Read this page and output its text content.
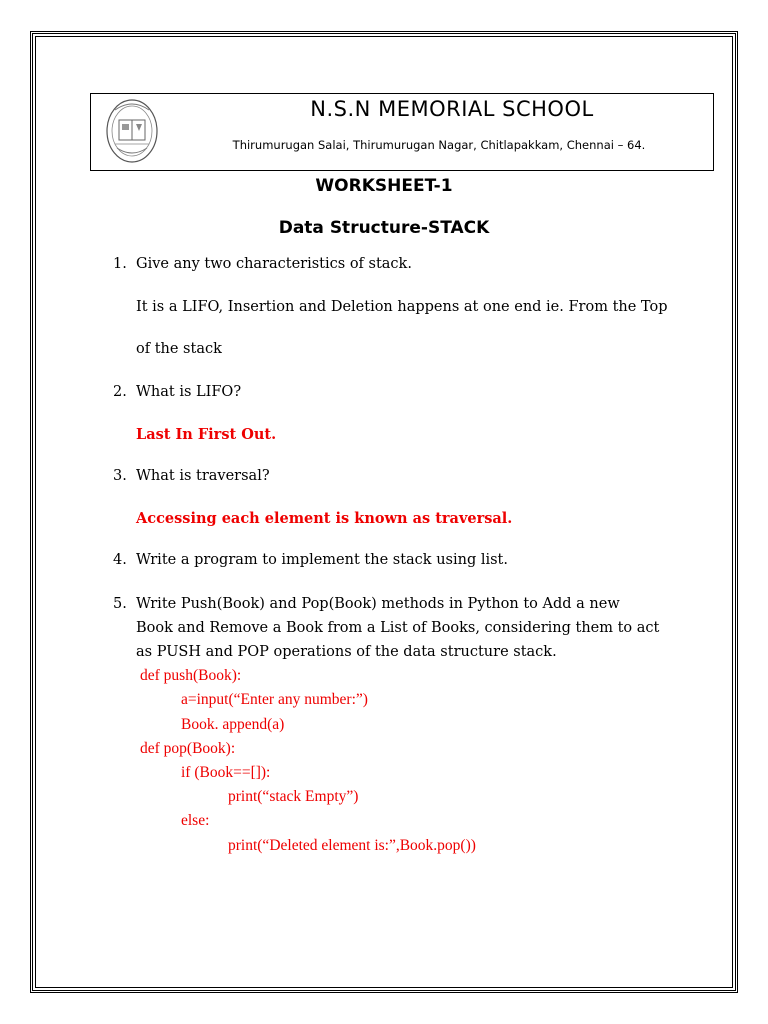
N.S.N MEMORIAL SCHOOL
Thirumurugan Salai, Thirumurugan Nagar, Chitlapakkam, Chennai – 64.
WORKSHEET-1
Data Structure-STACK
1. Give any two characteristics of stack.
It is a LIFO, Insertion and Deletion happens at one end ie. From the Top
of the stack
2. What is LIFO?
Last In First Out.
3. What is traversal?
Accessing each element is known as traversal.
4. Write a program to implement the stack using list.
5. Write Push(Book) and Pop(Book) methods in Python to Add a new
Book and Remove a Book from a List of Books, considering them to act
as PUSH and POP operations of the data structure stack.
def push(Book):
a=input(“Enter any number:”)
Book. append(a)
def pop(Book):
if (Book==[]):
print(“stack Empty”)
else:
print(“Deleted element is:”,Book.pop())
